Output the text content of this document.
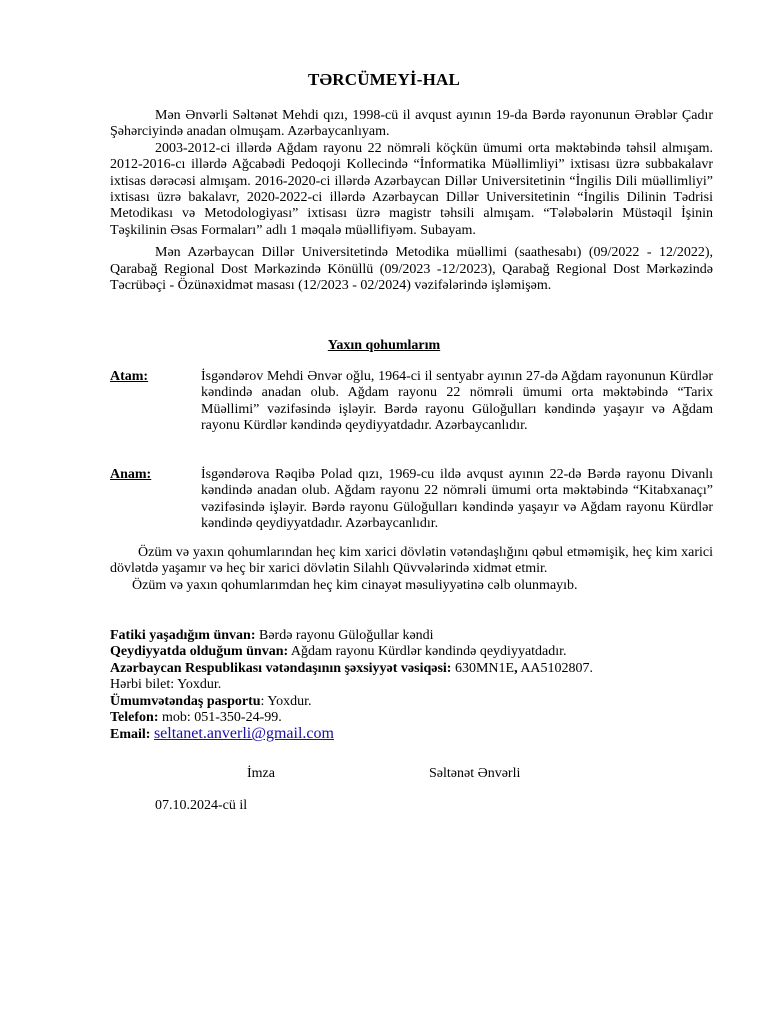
TƏRCÜMEYİ-HAL
Mən Ənvərli Səltənət Mehdi qızı, 1998-cü il avqust ayının 19-da Bərdə rayonunun Ərəblər Çadır Şəhərciyində anadan olmuşam. Azərbaycanlıyam.
2003-2012-ci illərdə Ağdam rayonu 22 nömrəli köçkün ümumi orta məktəbində təhsil almışam. 2012-2016-cı illərdə Ağcabədi Pedoqoji Kollecində “İnformatika Müəllimliyi” ixtisası üzrə subbakalavr ixtisas dərəcəsi almışam. 2016-2020-ci illərdə Azərbaycan Dillər Universitetinin “İngilis Dili müəllimliyi” ixtisası üzrə bakalavr, 2020-2022-ci illərdə Azərbaycan Dillər Universitetinin “İngilis Dilinin Tədrisi Metodikası və Metodologiyası” ixtisası üzrə magistr təhsili almışam. “Tələbələrin Müstəqil İşinin Təşkilinin Əsas Formaları” adlı 1 məqalə müəllifiyəm. Subayam.
Mən Azərbaycan Dillər Universitetində Metodika müəllimi (saathesabı) (09/2022 - 12/2022), Qarabağ Regional Dost Mərkəzində Könüllü (09/2023 -12/2023), Qarabağ Regional Dost Mərkəzində Təcrübəçi - Özünəxidmət masası (12/2023 - 02/2024) vəzifələrində işləmişəm.
Yaxın qohumlarım
Atam:	İsgəndərov Mehdi Ənvər oğlu, 1964-ci il sentyabr ayının 27-də Ağdam rayonunun Kürdlər kəndində anadan olub. Ağdam rayonu 22 nömrəli ümumi orta məktəbində “Tarix Müəllimi” vəzifəsində işləyir. Bərdə rayonu Güloğulları kəndində yaşayır və Ağdam rayonu Kürdlər kəndində qeydiyyatdadır. Azərbaycanlıdır.
Anam:	İsgəndərova Rəqibə Polad qızı, 1969-cu ildə avqust ayının 22-də Bərdə rayonu Divanlı kəndində anadan olub. Ağdam rayonu 22 nömrəli ümumi orta məktəbində “Kitabxanaçı” vəzifəsində işləyir. Bərdə rayonu Güloğulları kəndində yaşayır və Ağdam rayonu Kürdlər kəndində qeydiyyatdadır. Azərbaycanlıdır.
Özüm və yaxın qohumlarından heç kim xarici dövlətin vətəndaşlığını qəbul etməmişik, heç kim xarici dövlətdə yaşamır və heç bir xarici dövlətin Silahlı Qüvvələrində xidmət etmir.
Özüm və yaxın qohumlarımdan heç kim cinayət məsuliyyətinə cəlb olunmayıb.
Fatiki yaşadığım ünvan: Bərdə rayonu Güloğullar kəndi
Qeydiyyatda olduğum ünvan: Ağdam rayonu Kürdlər kəndində qeydiyyatdadır.
Azərbaycan Respublikası vətəndaşının şəxsiyyət vəsiqəsi: 630MN1E, AA5102807.
Hərbi bilet: Yoxdur.
Ümumvətəndaş pasportu: Yoxdur.
Telefon: mob: 051-350-24-99.
Email: seltanet.anverli@gmail.com
İmza	Səltənət Ənvərli
07.10.2024-cü il
